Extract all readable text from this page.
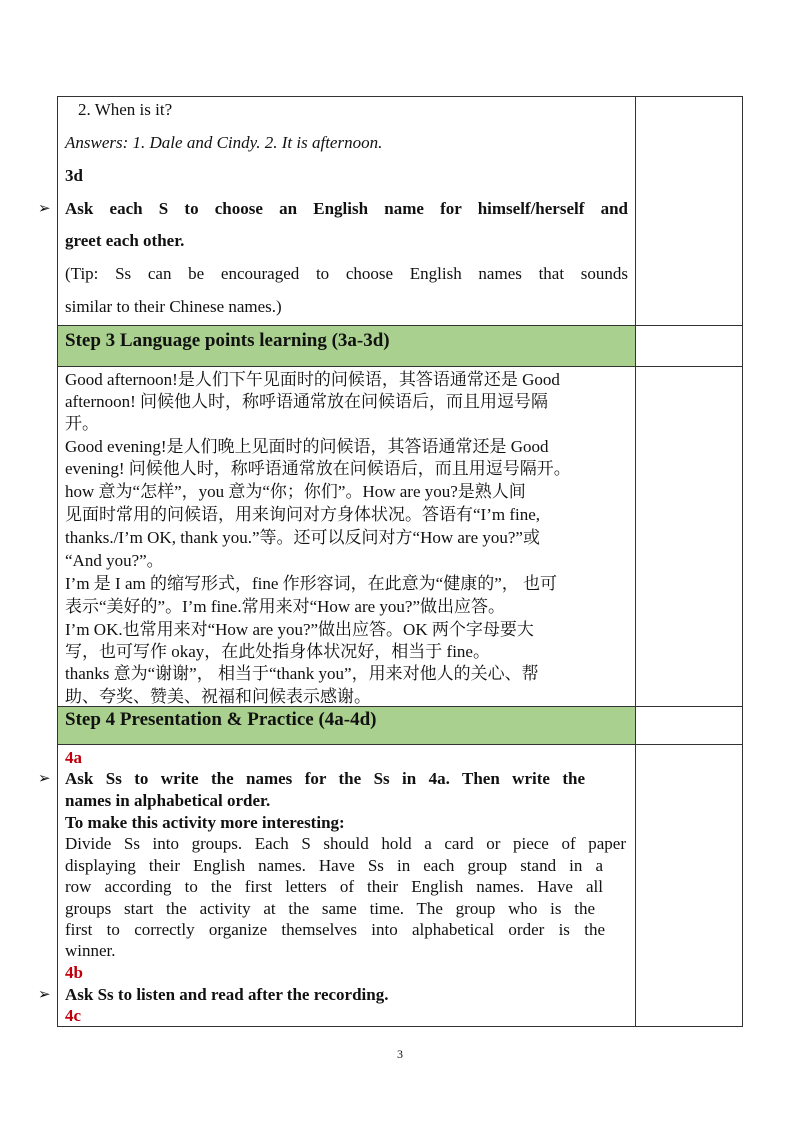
2. When is it?
Answers: 1. Dale and Cindy. 2. It is afternoon.
3d
➢ Ask each S to choose an English name for himself/herself and
greet each other.
(Tip: Ss can be encouraged to choose English names that sounds
similar to their Chinese names.)
Step 3 Language points learning (3a-3d)
Good afternoon!是人们下午见面时的问候语，其答语通常还是 Good
afternoon! 问候他人时，称呼语通常放在问候语后，而且用逗号隔
开。
Good evening!是人们晚上见面时的问候语，其答语通常还是 Good
evening! 问候他人时，称呼语通常放在问候语后，而且用逗号隔开。
how 意为“怎样”，you 意为“你；你们”。How are you?是熟人间
见面时常用的问候语，用来询问对方身体状况。答语有“I’m fine,
thanks./I’m OK, thank you.”等。还可以反问对方“How are you?”或
“And you?”。
I’m 是 I am 的缩写形式，fine 作形容词，在此意为“健康的”， 也可
表示“美好的”。I’m fine.常用来对“How are you?”做出应答。
I’m OK.也常用来对“How are you?”做出应答。OK 两个字母要大
写，也可写作 okay，在此处指身体状况好，相当于 fine。
thanks 意为“谢谢”， 相当于“thank you”，用来对他人的关心、帮
助、夸奖、赞美、祝福和问候表示感谢。
Step 4 Presentation & Practice (4a-4d)
4a
➢ Ask Ss to write the names for the Ss in 4a. Then write the
names in alphabetical order.
To make this activity more interesting:
Divide Ss into groups. Each S should hold a card or piece of paper
displaying their English names. Have Ss in each group stand in a
row according to the first letters of their English names. Have all
groups start the activity at the same time. The group who is the
first to correctly organize themselves into alphabetical order is the
winner.
4b
➢ Ask Ss to listen and read after the recording.
4c
3
